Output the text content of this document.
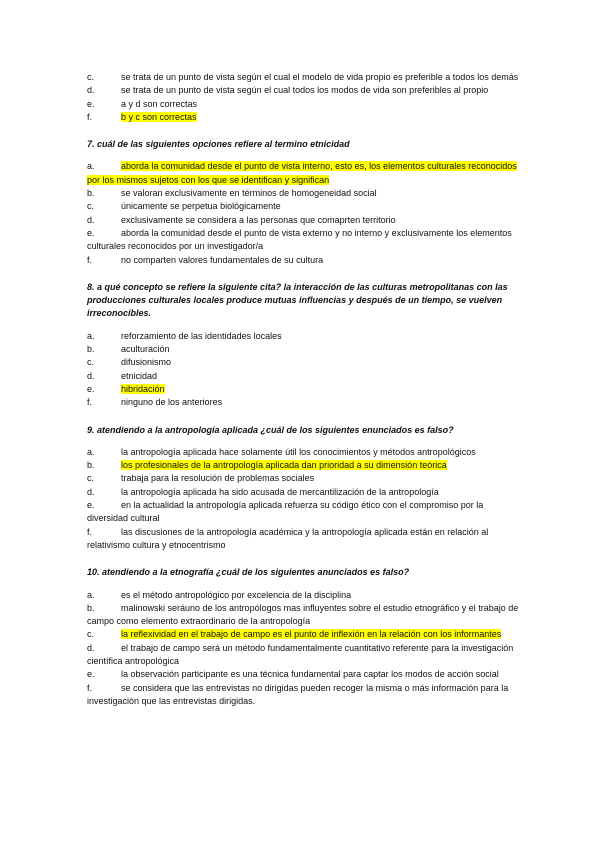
c.	se trata de un punto de vista según el cual el modelo de vida propio es preferible a todos los demás
d.	se trata de un punto de vista según el cual todos los modos de vida son preferibles al propio
e.	a y d son correctas
f.	b y c son correctas
7. cuál de las siguientes opciones refiere al termino etnicidad
a.	aborda la comunidad desde el punto de vista interno, esto es, los elementos culturales reconocidos por los mismos sujetos con los que se identifican y significan
b.	se valoran exclusivamente en términos de homogeneidad social
c.	únicamente se perpetua biológicamente
d.	exclusivamente se considera a las personas que comaprten territorio
e.	aborda la comunidad desde el punto de vista externo y no interno y exclusivamente los elementos culturales reconocidos por un investigador/a
f.	no comparten valores fundamentales de su cultura
8. a qué concepto se refiere la siguiente cita? la interacción de las culturas metropolitanas con las producciones culturales locales produce mutuas influencias y después de un tiempo, se vuelven irreconocibles.
a.	reforzamiento de las identidades locales
b.	aculturación
c.	difusionismo
d.	etnicidad
e.	hibridación
f.	ninguno de los anteriores
9. atendiendo a la antropología aplicada ¿cuál de los siguientes enunciados es falso?
a.	la antropología aplicada hace solamente útil los conocimientos y métodos antropológicos
b.	los profesionales de la antropología aplicada dan prioridad a su dimensión teórica
c.	trabaja para la resolución de problemas sociales
d.	la antropología aplicada ha sido acusada de mercantilización de la antropología
e.	en la actualidad la antropología aplicada refuerza su código ético con el compromiso por la diversidad cultural
f.	las discusiones de la antropología académica y la antropología aplicada están en relación al relativismo cultura y etnocentrismo
10. atendiendo a la etnografía ¿cuál de los siguientes anunciados es falso?
a.	es el método antropológico por excelencia de la disciplina
b.	malinowski seráuno de los antropólogos mas influyentes sobre el estudio etnográfico y el trabajo de campo como elemento extraordinario de la antropología
c.	la reflexividad en el trabajo de campo es el punto de inflexión en la relación con los informantes
d.	el trabajo de campo será un método fundamentalmente cuantitativo referente para la investigación científica antropológica
e.	la observación participante es una técnica fundamental para captar los modos de acción social
f.	se considera que las entrevistas no dirigidas pueden recoger la misma o más información para la investigación que las entrevistas dirigidas.
